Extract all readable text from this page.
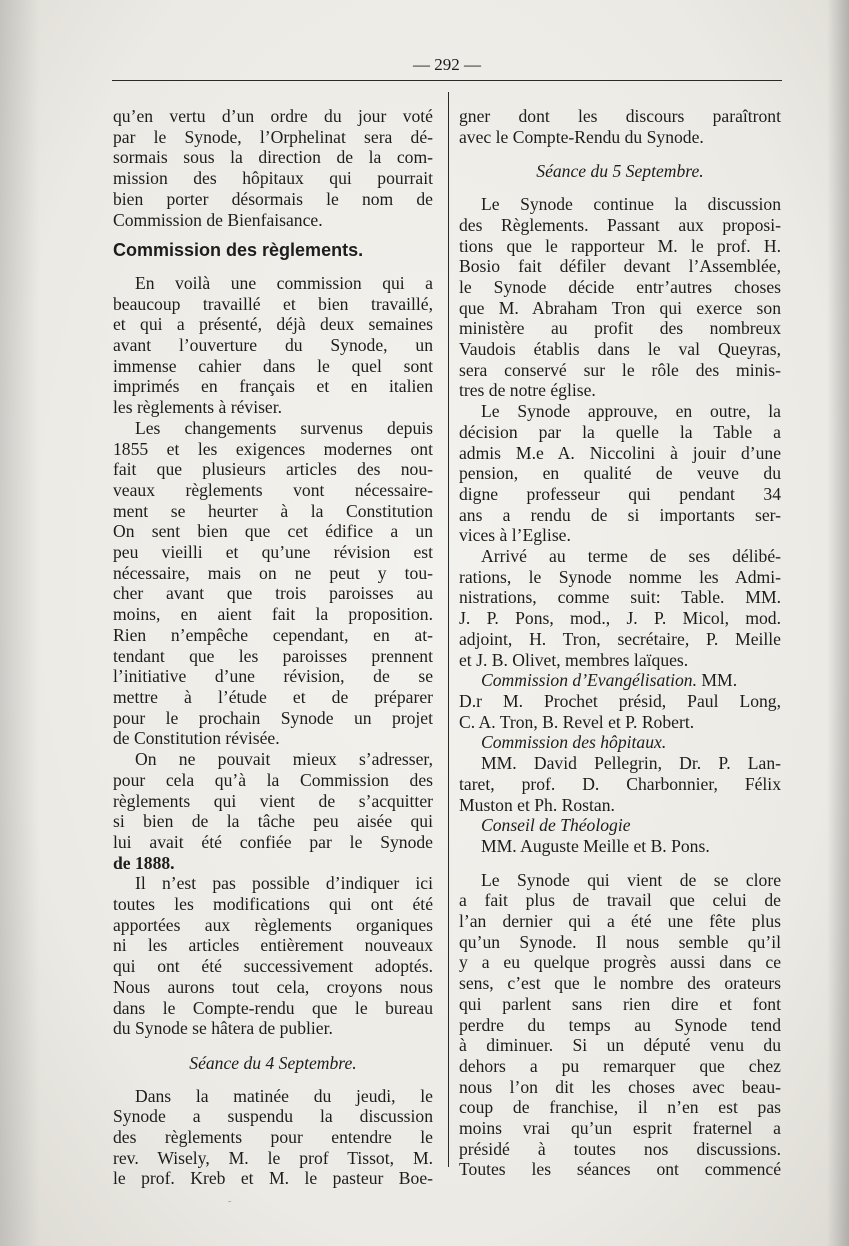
— 292 —
qu’en vertu d’un ordre du jour voté
par le Synode, l’Orphelinat sera dé-
sormais sous la direction de la com-
mission des hôpitaux qui pourrait
bien porter désormais le nom de
Commission de Bienfaisance.
Commission des règlements.
En voilà une commission qui a
beaucoup travaillé et bien travaillé,
et qui a présenté, déjà deux semaines
avant l’ouverture du Synode, un
immense cahier dans le quel sont
imprimés en français et en italien
les règlements à réviser.
Les changements survenus depuis
1855 et les exigences modernes ont
fait que plusieurs articles des nou-
veaux règlements vont nécessaire-
ment se heurter à la Constitution
On sent bien que cet édifice a un
peu vieilli et qu’une révision est
nécessaire, mais on ne peut y tou-
cher avant que trois paroisses au
moins, en aient fait la proposition.
Rien n’empêche cependant, en at-
tendant que les paroisses prennent
l’initiative d’une révision, de se
mettre à l’étude et de préparer
pour le prochain Synode un projet
de Constitution révisée.
On ne pouvait mieux s’adresser,
pour cela qu’à la Commission des
règlements qui vient de s’acquitter
si bien de la tâche peu aisée qui
lui avait été confiée par le Synode
de 1888.
Il n’est pas possible d’indiquer ici
toutes les modifications qui ont été
apportées aux règlements organiques
ni les articles entièrement nouveaux
qui ont été successivement adoptés.
Nous aurons tout cela, croyons nous
dans le Compte-rendu que le bureau
du Synode se hâtera de publier.
Séance du 4 Septembre.
Dans la matinée du jeudi, le
Synode a suspendu la discussion
des règlements pour entendre le
rev. Wisely, M. le prof Tissot, M.
le prof. Kreb et M. le pasteur Boe-
gner dont les discours paraîtront
avec le Compte-Rendu du Synode.
Séance du 5 Septembre.
Le Synode continue la discussion
des Règlements. Passant aux proposi-
tions que le rapporteur M. le prof. H.
Bosio fait défiler devant l’Assemblée,
le Synode décide entr’autres choses
que M. Abraham Tron qui exerce son
ministère au profit des nombreux
Vaudois établis dans le val Queyras,
sera conservé sur le rôle des minis-
tres de notre église.
Le Synode approuve, en outre, la
décision par la quelle la Table a
admis M.e A. Niccolini à jouir d’une
pension, en qualité de veuve du
digne professeur qui pendant 34
ans a rendu de si importants ser-
vices à l’Eglise.
Arrivé au terme de ses délibé-
rations, le Synode nomme les Admi-
nistrations, comme suit: Table. MM.
J. P. Pons, mod., J. P. Micol, mod.
adjoint, H. Tron, secrétaire, P. Meille
et J. B. Olivet, membres laïques.
Commission d’Evangélisation. MM.
D.r M. Prochet présid, Paul Long,
C. A. Tron, B. Revel et P. Robert.
Commission des hôpitaux.
MM. David Pellegrin, Dr. P. Lan-
taret, prof. D. Charbonnier, Félix
Muston et Ph. Rostan.
Conseil de Théologie
MM. Auguste Meille et B. Pons.
Le Synode qui vient de se clore
a fait plus de travail que celui de
l’an dernier qui a été une fête plus
qu’un Synode. Il nous semble qu’il
y a eu quelque progrès aussi dans ce
sens, c’est que le nombre des orateurs
qui parlent sans rien dire et font
perdre du temps au Synode tend
à diminuer. Si un député venu du
dehors a pu remarquer que chez
nous l’on dit les choses avec beau-
coup de franchise, il n’en est pas
moins vrai qu’un esprit fraternel a
présidé à toutes nos discussions.
Toutes les séances ont commencé
˜
